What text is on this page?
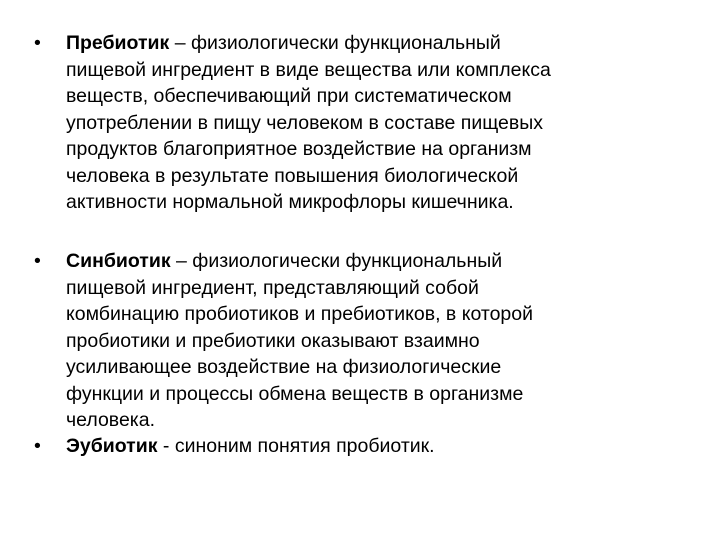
• Пребиотик – физиологически функциональный
пищевой ингредиент в виде вещества или комплекса
веществ, обеспечивающий при систематическом
употреблении в пищу человеком в составе пищевых
продуктов благоприятное воздействие на организм
человека в результате повышения биологической
активности нормальной микрофлоры кишечника.
• Синбиотик – физиологически функциональный
пищевой ингредиент, представляющий собой
комбинацию пробиотиков и пребиотиков, в которой
пробиотики и пребиотики оказывают взаимно
усиливающее воздействие на физиологические
функции и процессы обмена веществ в организме
человека.
• Эубиотик - синоним понятия пробиотик.
